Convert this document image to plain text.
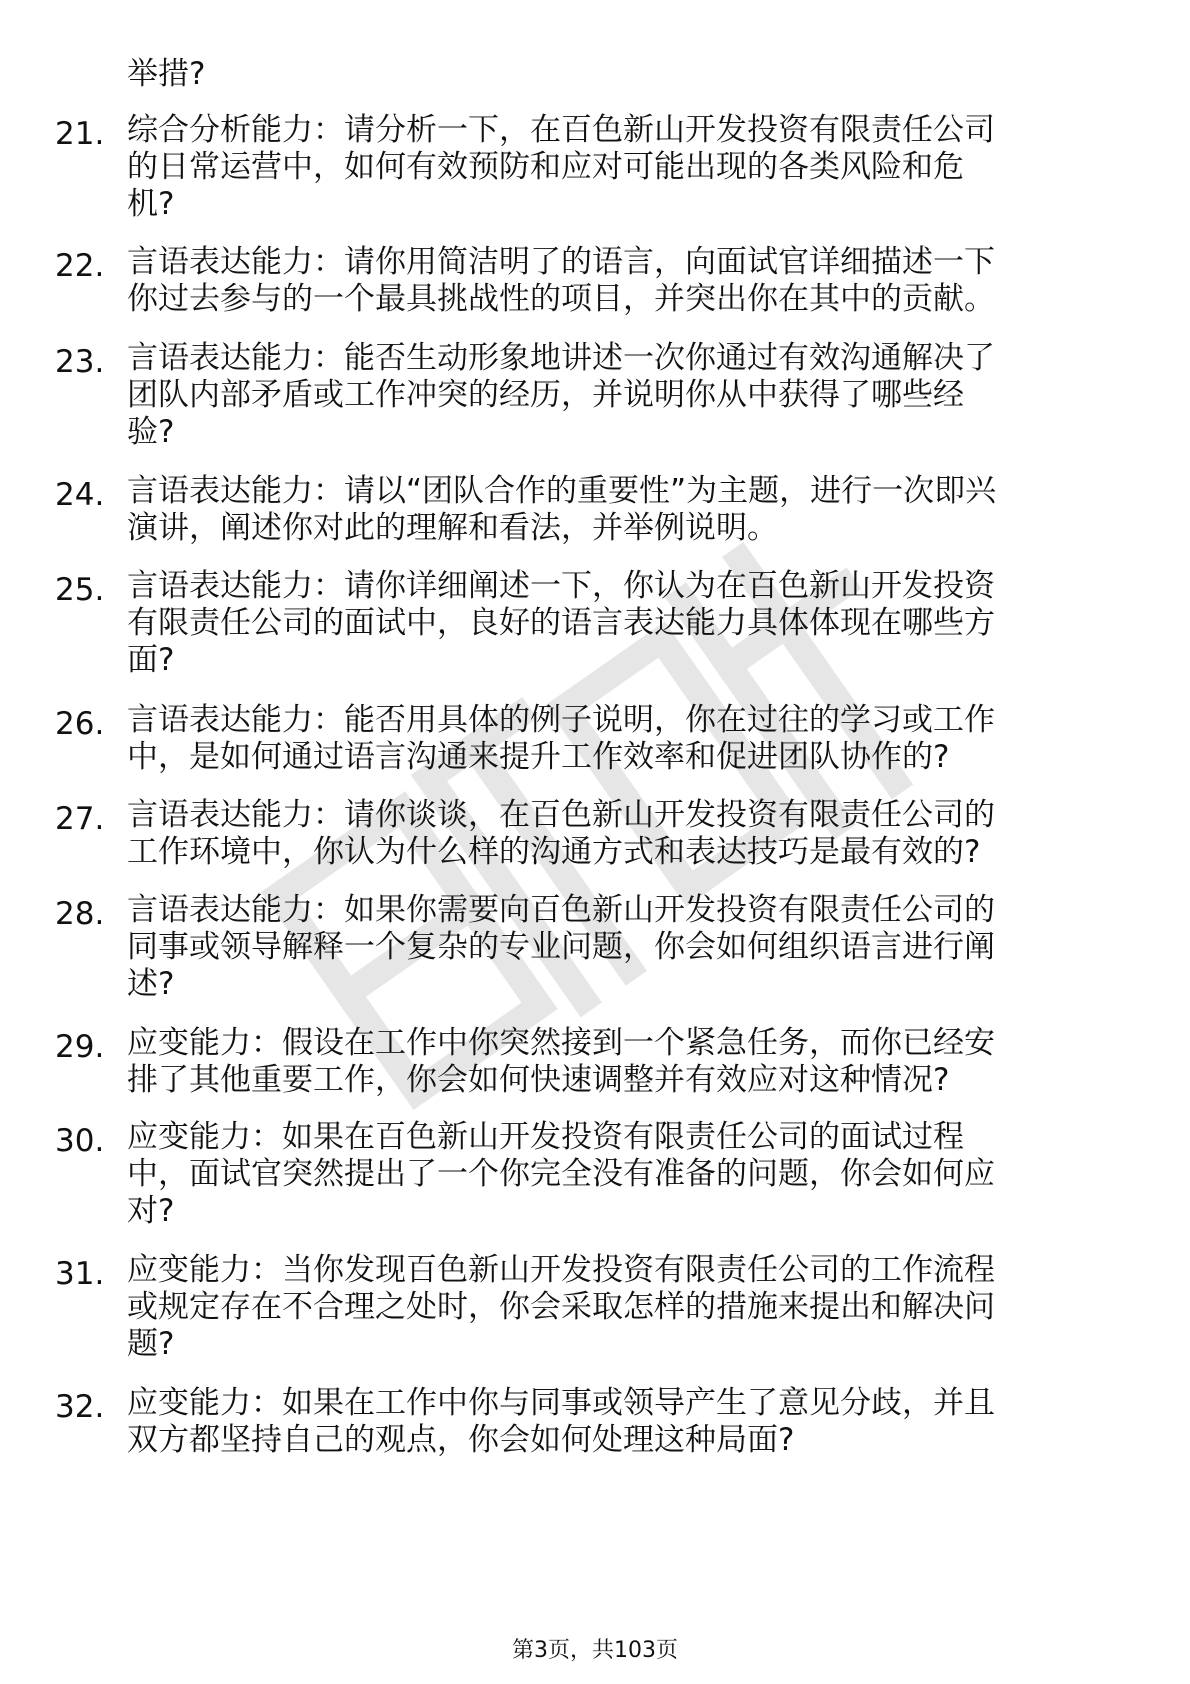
举措?
21. 综合分析能力：请分析一下，在百色新山开发投资有限责任公司
的日常运营中，如何有效预防和应对可能出现的各类风险和危
机?
22. 言语表达能力：请你用简洁明了的语言，向面试官详细描述一下
你过去参与的一个最具挑战性的项目，并突出你在其中的贡献。
23. 言语表达能力：能否生动形象地讲述一次你通过有效沟通解决了
团队内部矛盾或工作冲突的经历，并说明你从中获得了哪些经
验?
24. 言语表达能力：请以“团队合作的重要性”为主题，进行一次即兴
演讲，阐述你对此的理解和看法，并举例说明。
25. 言语表达能力：请你详细阐述一下，你认为在百色新山开发投资
有限责任公司的面试中，良好的语言表达能力具体体现在哪些方
面?
26. 言语表达能力：能否用具体的例子说明，你在过往的学习或工作
中，是如何通过语言沟通来提升工作效率和促进团队协作的?
27. 言语表达能力：请你谈谈，在百色新山开发投资有限责任公司的
工作环境中，你认为什么样的沟通方式和表达技巧是最有效的?
28. 言语表达能力：如果你需要向百色新山开发投资有限责任公司的
同事或领导解释一个复杂的专业问题，你会如何组织语言进行阐
述?
29. 应变能力：假设在工作中你突然接到一个紧急任务，而你已经安
排了其他重要工作，你会如何快速调整并有效应对这种情况?
30. 应变能力：如果在百色新山开发投资有限责任公司的面试过程
中，面试官突然提出了一个你完全没有准备的问题，你会如何应
对?
31. 应变能力：当你发现百色新山开发投资有限责任公司的工作流程
或规定存在不合理之处时，你会采取怎样的措施来提出和解决问
题?
32. 应变能力：如果在工作中你与同事或领导产生了意见分歧，并且
双方都坚持自己的观点，你会如何处理这种局面?
第3页，共103页
